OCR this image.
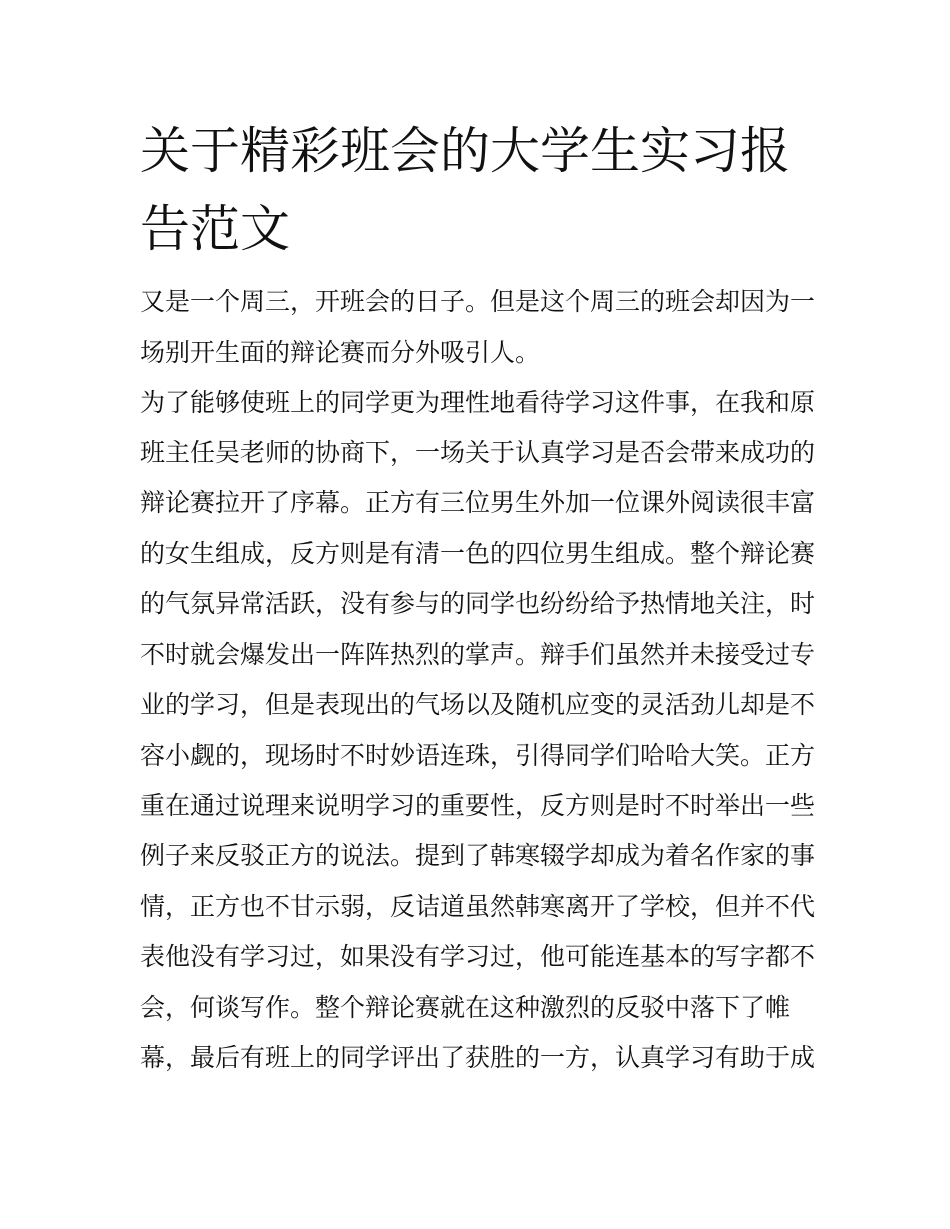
关于精彩班会的大学生实习报
告范文
又是一个周三，开班会的日子。但是这个周三的班会却因为一
场别开生面的辩论赛而分外吸引人。
为了能够使班上的同学更为理性地看待学习这件事，在我和原
班主任吴老师的协商下，一场关于认真学习是否会带来成功的
辩论赛拉开了序幕。正方有三位男生外加一位课外阅读很丰富
的女生组成，反方则是有清一色的四位男生组成。整个辩论赛
的气氛异常活跃，没有参与的同学也纷纷给予热情地关注，时
不时就会爆发出一阵阵热烈的掌声。辩手们虽然并未接受过专
业的学习，但是表现出的气场以及随机应变的灵活劲儿却是不
容小觑的，现场时不时妙语连珠，引得同学们哈哈大笑。正方
重在通过说理来说明学习的重要性，反方则是时不时举出一些
例子来反驳正方的说法。提到了韩寒辍学却成为着名作家的事
情，正方也不甘示弱，反诘道虽然韩寒离开了学校，但并不代
表他没有学习过，如果没有学习过，他可能连基本的写字都不
会，何谈写作。整个辩论赛就在这种激烈的反驳中落下了帷
幕，最后有班上的同学评出了获胜的一方，认真学习有助于成
